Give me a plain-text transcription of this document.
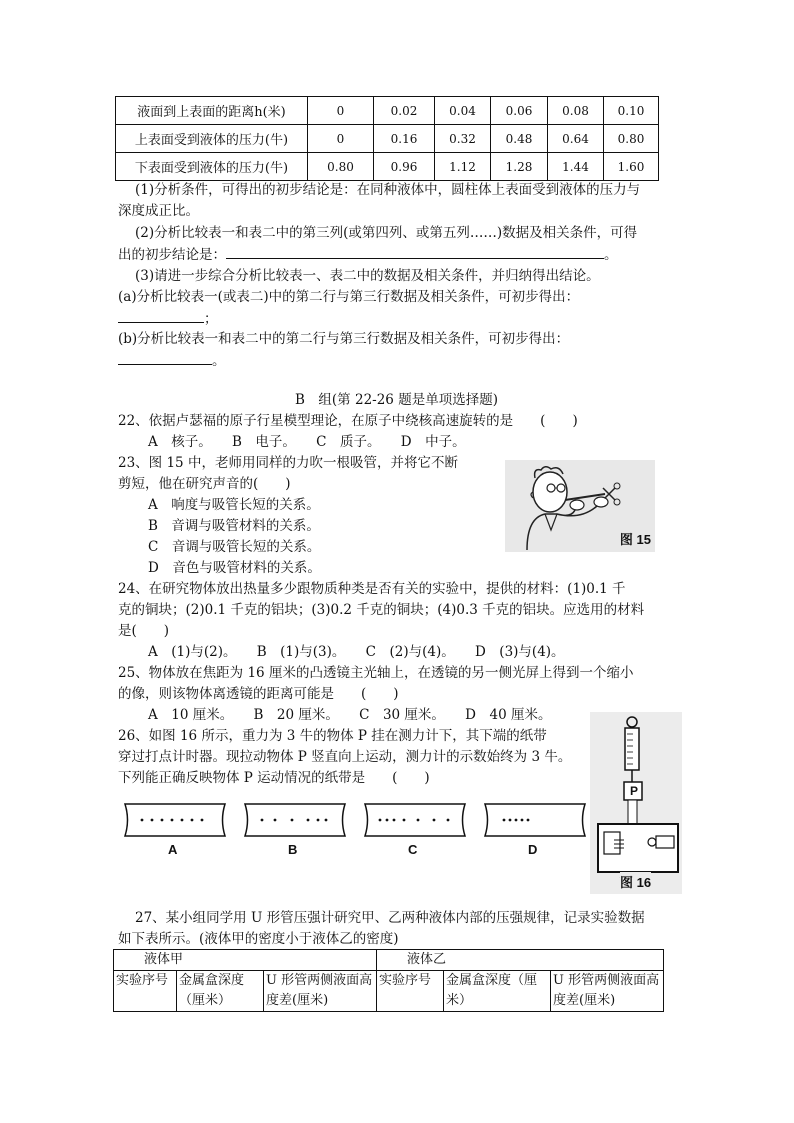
液面到上表面的距离h(米)	0	0.02	0.04	0.06	0.08	0.10
上表面受到液体的压力(牛)	0	0.16	0.32	0.48	0.64	0.80
下表面受到液体的压力(牛)	0.80	0.96	1.12	1.28	1.44	1.60
(1)分析条件，可得出的初步结论是：在同种液体中，圆柱体上表面受到液体的压力与
深度成正比。
(2)分析比较表一和表二中的第三列(或第四列、或第五列……)数据及相关条件，可得
出的初步结论是：	。
(3)请进一步综合分析比较表一、表二中的数据及相关条件，并归纳得出结论。
(a)分析比较表一(或表二)中的第二行与第三行数据及相关条件，可初步得出：
；
(b)分析比较表一和表二中的第二行与第三行数据及相关条件，可初步得出：
。
B　组(第 22-26 题是单项选择题)
22、依据卢瑟福的原子行星模型理论，在原子中绕核高速旋转的是　　(　　)
A　核子。　　B　电子。　　C　质子。　　D　中子。
23、图 15 中，老师用同样的力吹一根吸管，并将它不断
剪短，他在研究声音的(　　)
A　响度与吸管长短的关系。
B　音调与吸管材料的关系。
C　音调与吸管长短的关系。
D　音色与吸管材料的关系。
图 15
24、在研究物体放出热量多少跟物质种类是否有关的实验中，提供的材料：(1)0.1 千
克的铜块；(2)0.1 千克的铝块；(3)0.2 千克的铜块；(4)0.3 千克的铝块。应选用的材料
是(　　)
A　(1)与(2)。　　B　(1)与(3)。　　C　(2)与(4)。　　D　(3)与(4)。
25、物体放在焦距为 16 厘米的凸透镜主光轴上，在透镜的另一侧光屏上得到一个缩小
的像，则该物体离透镜的距离可能是　　(　　)
A　10 厘米。　　B　20 厘米。　　C　30 厘米。　　D　40 厘米。
26、如图 16 所示，重力为 3 牛的物体 P 挂在测力计下，其下端的纸带
穿过打点计时器。现拉动物体 P 竖直向上运动，测力计的示数始终为 3 牛。
下列能正确反映物体 P 运动情况的纸带是　　(　　)
A	B	C	D
P
图 16
27、某小组同学用 U 形管压强计研究甲、乙两种液体内部的压强规律，记录实验数据
如下表所示。(液体甲的密度小于液体乙的密度)
液体甲			液体乙		
实验序号	金属盒深度（厘米）	U 形管两侧液面高度差(厘米)	实验序号	金属盒深度（厘米）	U 形管两侧液面高度差(厘米)
